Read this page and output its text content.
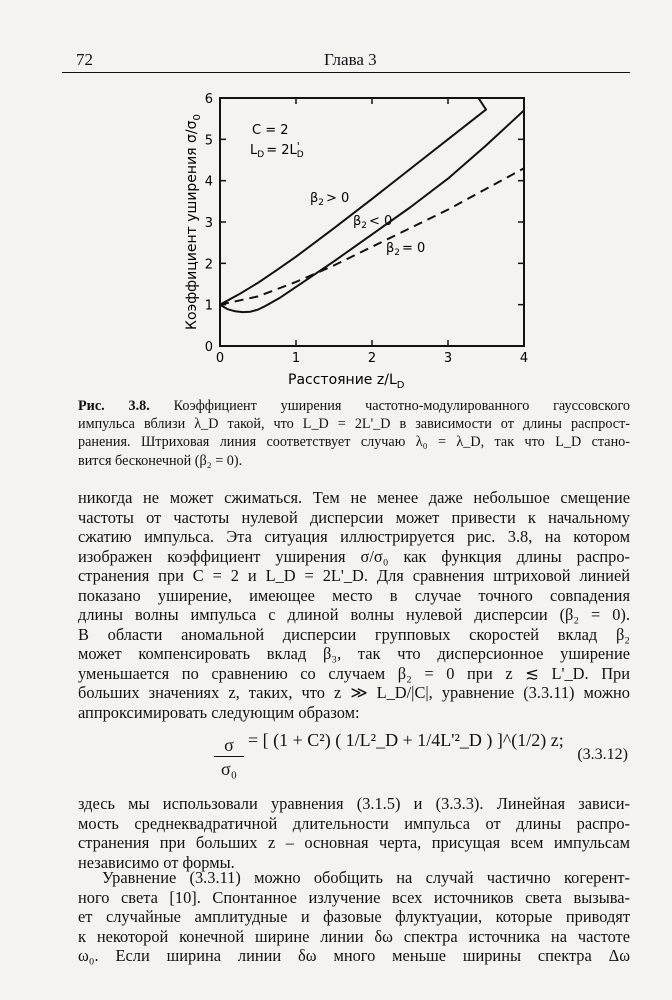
72	Глава 3
0	1	2	3	4
0
1
2
3
4
5
6
C = 2
$L_D = 2L'$ D
$\beta_2 > 0$
$\beta_2 < 0$
$\beta_2 = 0$
Расстояние $z/L_D$
Коэффициент уширения $\sigma/\sigma_0$
Рис. 3.8. Коэффициент уширения частотно-модулированного гауссовского
импульса вблизи λ_D такой, что L_D = 2L'_D в зависимости от длины распрост-
ранения. Штриховая линия соответствует случаю λ₀ = λ_D, так что L_D стано-
вится бесконечной (β₂ = 0).
никогда не может сжиматься. Тем не менее даже небольшое смещение
частоты от частоты нулевой дисперсии может привести к начальному
сжатию импульса. Эта ситуация иллюстрируется рис. 3.8, на котором
изображен коэффициент уширения σ/σ₀ как функция длины распро-
странения при C = 2 и L_D = 2L'_D. Для сравнения штриховой линией
показано уширение, имеющее место в случае точного совпадения
длины волны импульса с длиной волны нулевой дисперсии (β₂ = 0).
В области аномальной дисперсии групповых скоростей вклад β₂
может компенсировать вклад β₃, так что дисперсионное уширение
уменьшается по сравнению со случаем β₂ = 0 при z ≲ L'_D. При
больших значениях z, таких, что z ≫ L_D/|C|, уравнение (3.3.11) можно
аппроксимировать следующим образом:
$\frac{\sigma}{\text{σ₀}}$ = [ (1 + C²) ( 1/L²_D + 1/4L'²_D ) ]^(1/2) z;
(3.3.12)
здесь мы использовали уравнения (3.1.5) и (3.3.3). Линейная зависи-
мость среднеквадратичной длительности импульса от длины распро-
странения при больших z – основная черта, присущая всем импульсам
независимо от формы.
Уравнение (3.3.11) можно обобщить на случай частично когерент-
ного света [10]. Спонтанное излучение всех источников света вызыва-
ет случайные амплитудные и фазовые флуктуации, которые приводят
к некоторой конечной ширине линии δω спектра источника на частоте
ω₀. Если ширина линии δω много меньше ширины спектра Δω
